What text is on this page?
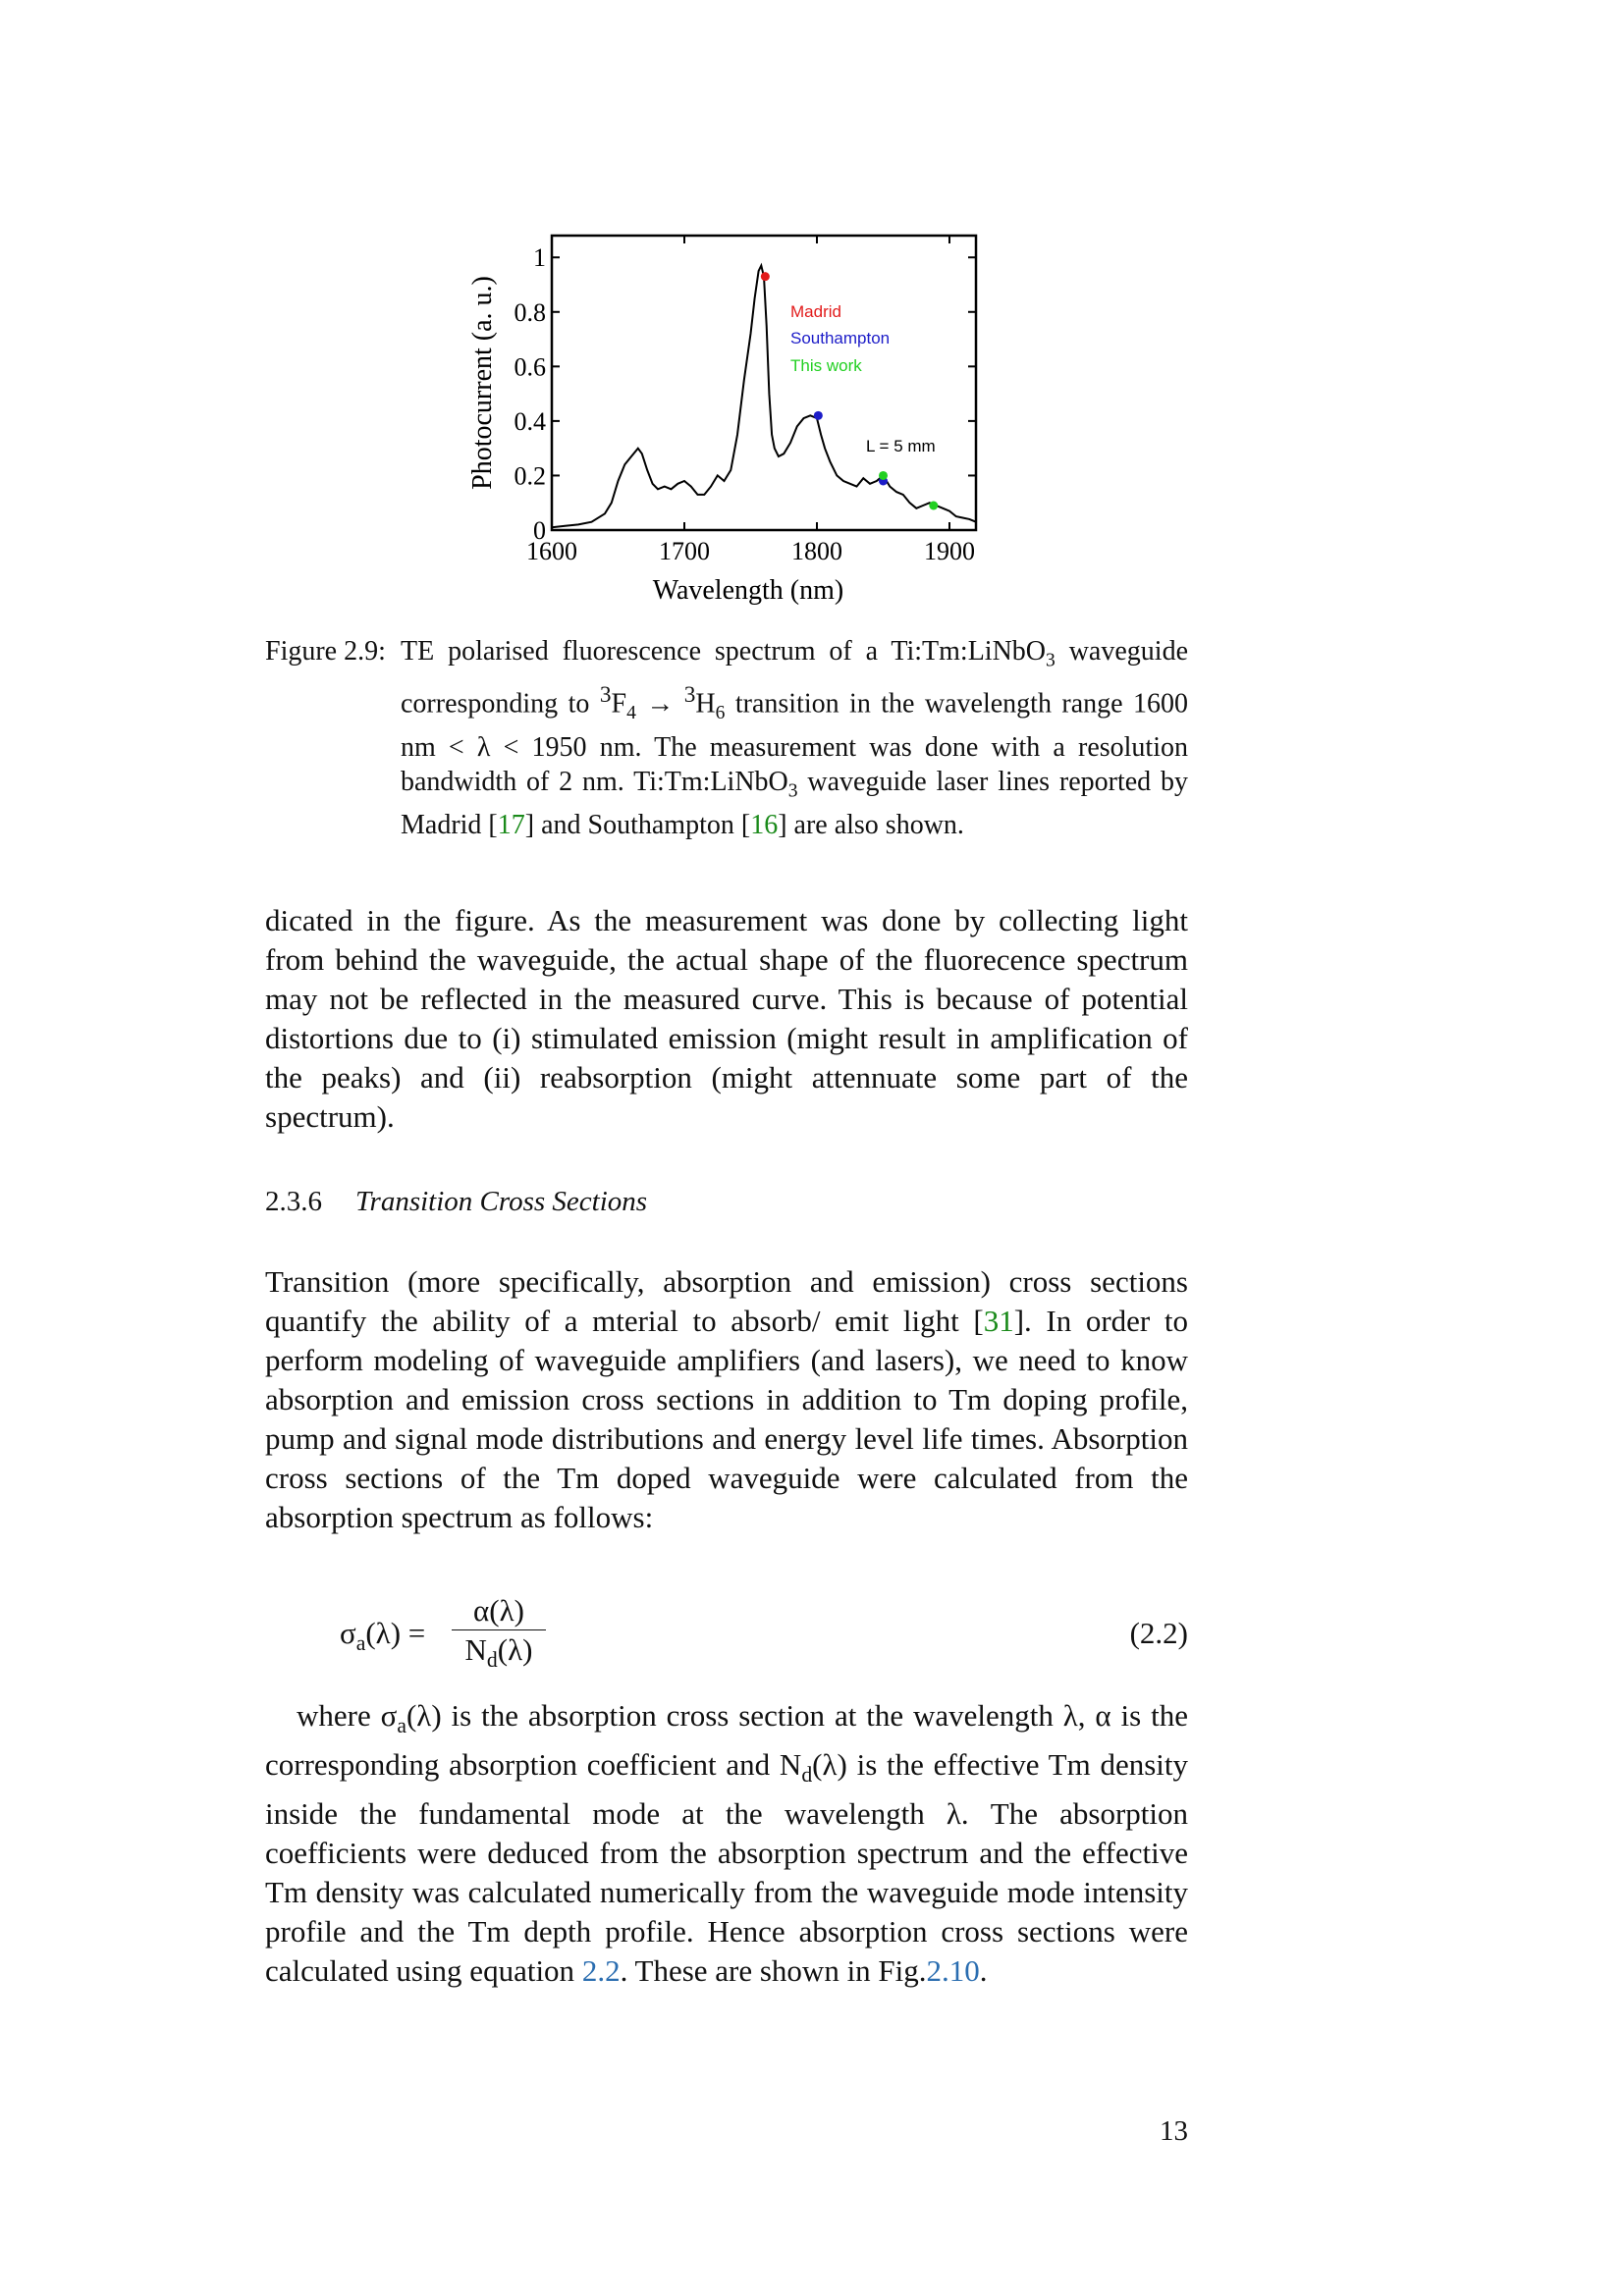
0
0.2
0.4
0.6
0.8
1
1600	1700	1800	1900
Madrid
Southampton
This work
L = 5 mm
Wavelength (nm)
Photocurrent (a. u.)
Figure 2.9: TE polarised fluorescence spectrum of a Ti:Tm:LiNbO$_3$ waveguide corresponding to $^3F_4 \to ^3H_6$ transition in the wavelength range 1600 nm < λ < 1950 nm. The measurement was done with a resolution bandwidth of 2 nm. Ti:Tm:LiNbO$_3$ waveguide laser lines reported by Madrid [17] and Southampton [16] are also shown.
dicated in the figure. As the measurement was done by collecting light from behind the waveguide, the actual shape of the fluorecence spectrum may not be reflected in the measured curve. This is because of potential distortions due to (i) stimulated emission (might result in amplification of the peaks) and (ii) reabsorption (might attennuate some part of the spectrum).
2.3.6 Transition Cross Sections
Transition (more specifically, absorption and emission) cross sections quantify the ability of a mterial to absorb/ emit light [31]. In order to perform modeling of waveguide amplifiers (and lasers), we need to know absorption and emission cross sections in addition to Tm doping profile, pump and signal mode distributions and energy level life times. Absorption cross sections of the Tm doped waveguide were calculated from the absorption spectrum as follows:
$\sigma_a(\lambda) = \frac{\alpha(\lambda)}{N_d(\lambda)}$	(2.2)
where $\sigma_a(\lambda)$ is the absorption cross section at the wavelength λ, α is the corresponding absorption coefficient and $N_d(\lambda)$ is the effective Tm density inside the fundamental mode at the wavelength λ. The absorption coefficients were deduced from the absorption spectrum and the effective Tm density was calculated numerically from the waveguide mode intensity profile and the Tm depth profile. Hence absorption cross sections were calculated using equation 2.2. These are shown in Fig.2.10.
13
